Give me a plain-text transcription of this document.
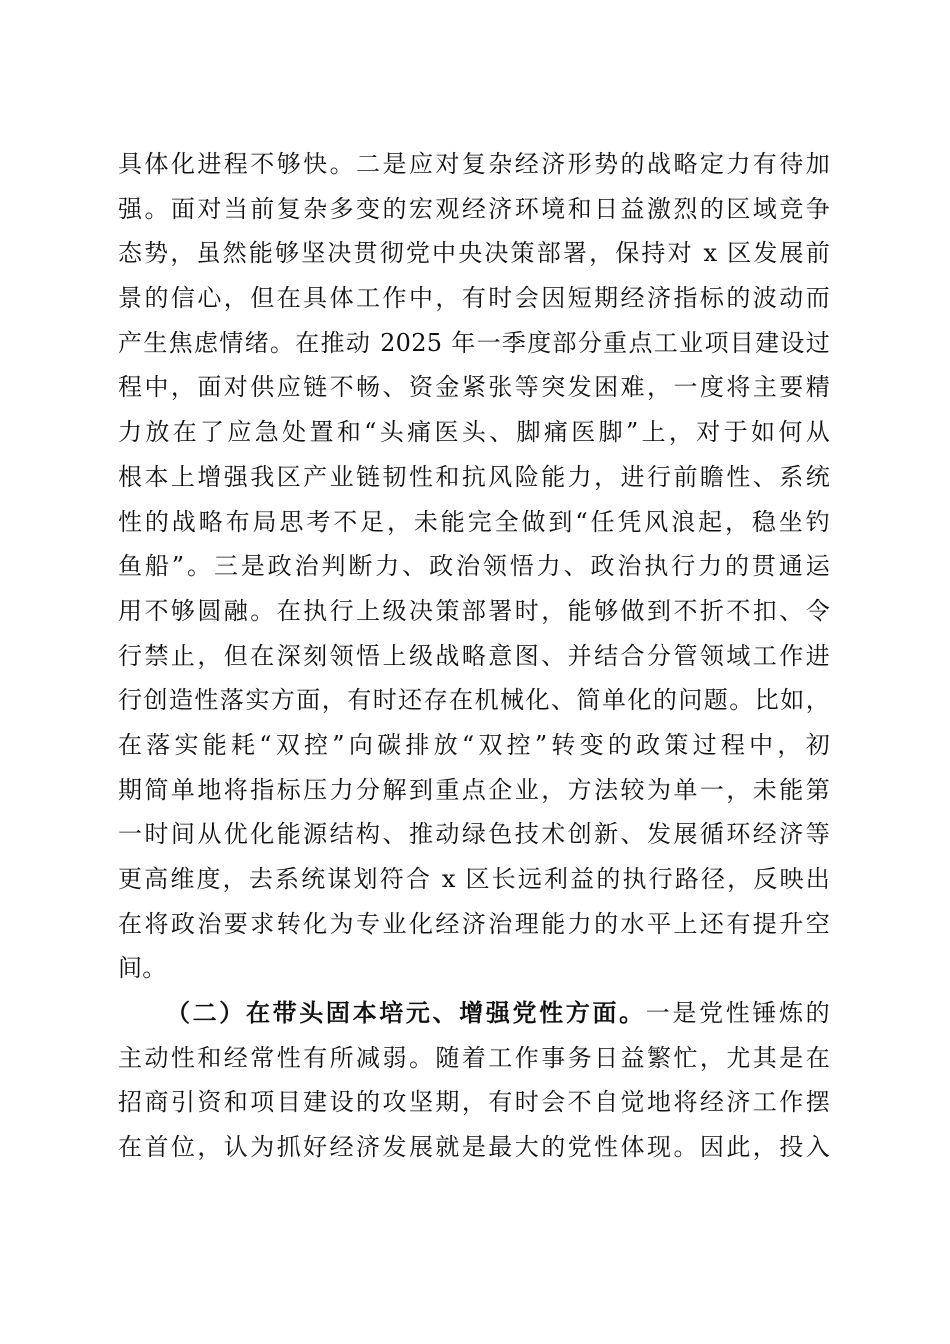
具体化进程不够快。二是应对复杂经济形势的战略定力有待加
强。面对当前复杂多变的宏观经济环境和日益激烈的区域竞争
态势，虽然能够坚决贯彻党中央决策部署，保持对 x 区发展前
景的信心，但在具体工作中，有时会因短期经济指标的波动而
产生焦虑情绪。在推动 2025 年一季度部分重点工业项目建设过
程中，面对供应链不畅、资金紧张等突发困难，一度将主要精
力放在了应急处置和“头痛医头、脚痛医脚”上，对于如何从
根本上增强我区产业链韧性和抗风险能力，进行前瞻性、系统
性的战略布局思考不足，未能完全做到“任凭风浪起，稳坐钓
鱼船”。三是政治判断力、政治领悟力、政治执行力的贯通运
用不够圆融。在执行上级决策部署时，能够做到不折不扣、令
行禁止，但在深刻领悟上级战略意图、并结合分管领域工作进
行创造性落实方面，有时还存在机械化、简单化的问题。比如，
在落实能耗“双控”向碳排放“双控”转变的政策过程中，初
期简单地将指标压力分解到重点企业，方法较为单一，未能第
一时间从优化能源结构、推动绿色技术创新、发展循环经济等
更高维度，去系统谋划符合 x 区长远利益的执行路径，反映出
在将政治要求转化为专业化经济治理能力的水平上还有提升空
间。
（二）在带头固本培元、增强党性方面。一是党性锤炼的
主动性和经常性有所减弱。随着工作事务日益繁忙，尤其是在
招商引资和项目建设的攻坚期，有时会不自觉地将经济工作摆
在首位，认为抓好经济发展就是最大的党性体现。因此，投入
